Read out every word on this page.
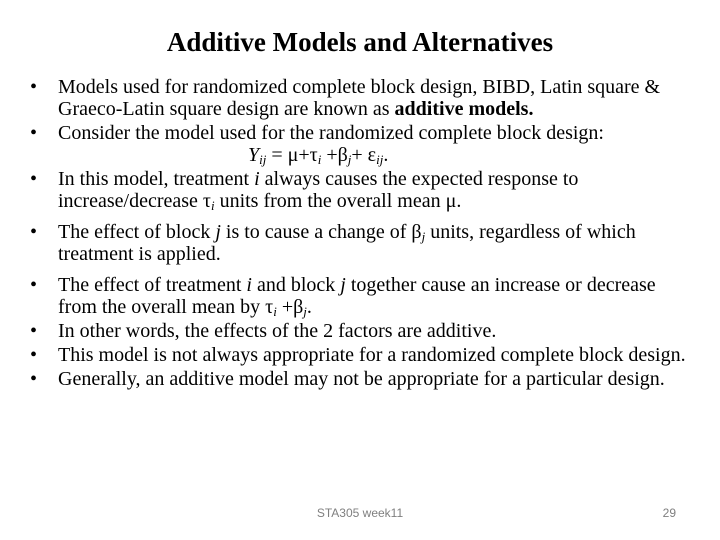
Additive Models and Alternatives
•	Models used for randomized complete block design, BIBD, Latin square & Graeco-Latin square design are known as additive models.
•	Consider the model used for the randomized complete block design:
$Y_{ij} = \mu+\tau_i +\beta_j+ \varepsilon_{ij}$.
•	In this model, treatment i always causes the expected response to increase/decrease $\tau_i$ units from the overall mean μ.
•	The effect of block j is to cause a change of $\beta_j$ units, regardless of which treatment is applied.
•	The effect of treatment i and block j together cause an increase or decrease from the overall mean by $\tau_i +\beta_j$.
•	In other words, the effects of the 2 factors are additive.
•	This model is not always appropriate for a randomized complete block design.
•	Generally, an additive model may not be appropriate for a particular design.
STA305 week11	29
